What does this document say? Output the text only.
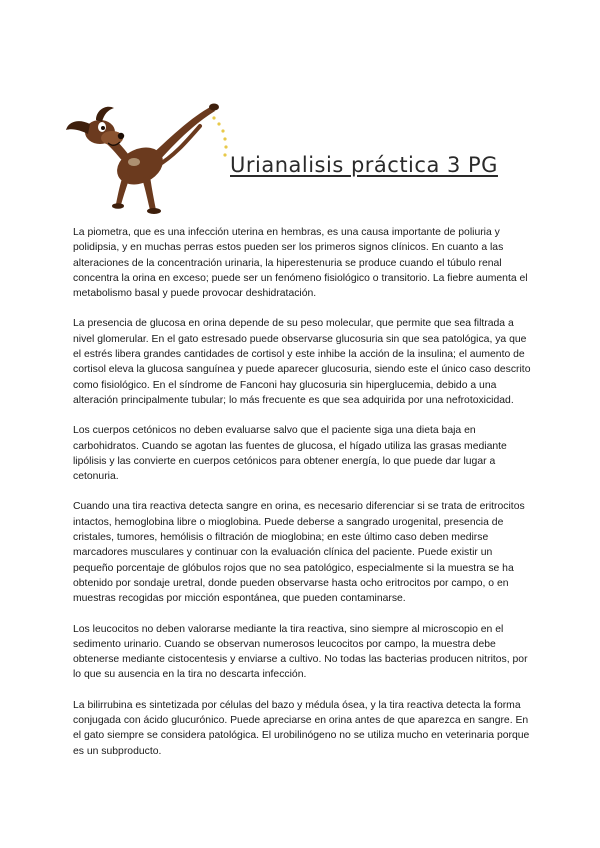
Urianalisis práctica 3 PG

La piometra, que es una infección uterina en hembras, es una causa importante de poliuria y polidipsia, y en muchas perras estos pueden ser los primeros signos clínicos. En cuanto a las alteraciones de la concentración urinaria, la hiperestenuria se produce cuando el túbulo renal concentra la orina en exceso; puede ser un fenómeno fisiológico o transitorio. La fiebre aumenta el metabolismo basal y puede provocar deshidratación.

La presencia de glucosa en orina depende de su peso molecular, que permite que sea filtrada a nivel glomerular. En el gato estresado puede observarse glucosuria sin que sea patológica, ya que el estrés libera grandes cantidades de cortisol y este inhibe la acción de la insulina; el aumento de cortisol eleva la glucosa sanguínea y puede aparecer glucosuria, siendo este el único caso descrito como fisiológico. En el síndrome de Fanconi hay glucosuria sin hiperglucemia, debido a una alteración principalmente tubular; lo más frecuente es que sea adquirida por una nefrotoxicidad.

Los cuerpos cetónicos no deben evaluarse salvo que el paciente siga una dieta baja en carbohidratos. Cuando se agotan las fuentes de glucosa, el hígado utiliza las grasas mediante lipólisis y las convierte en cuerpos cetónicos para obtener energía, lo que puede dar lugar a cetonuria.

Cuando una tira reactiva detecta sangre en orina, es necesario diferenciar si se trata de eritrocitos intactos, hemoglobina libre o mioglobina. Puede deberse a sangrado urogenital, presencia de cristales, tumores, hemólisis o filtración de mioglobina; en este último caso deben medirse marcadores musculares y continuar con la evaluación clínica del paciente. Puede existir un pequeño porcentaje de glóbulos rojos que no sea patológico, especialmente si la muestra se ha obtenido por sondaje uretral, donde pueden observarse hasta ocho eritrocitos por campo, o en muestras recogidas por micción espontánea, que pueden contaminarse.

Los leucocitos no deben valorarse mediante la tira reactiva, sino siempre al microscopio en el sedimento urinario. Cuando se observan numerosos leucocitos por campo, la muestra debe obtenerse mediante cistocentesis y enviarse a cultivo. No todas las bacterias producen nitritos, por lo que su ausencia en la tira no descarta infección.

La bilirrubina es sintetizada por células del bazo y médula ósea, y la tira reactiva detecta la forma conjugada con ácido glucurónico. Puede apreciarse en orina antes de que aparezca en sangre. En el gato siempre se considera patológica. El urobilinógeno no se utiliza mucho en veterinaria porque es un subproducto.
